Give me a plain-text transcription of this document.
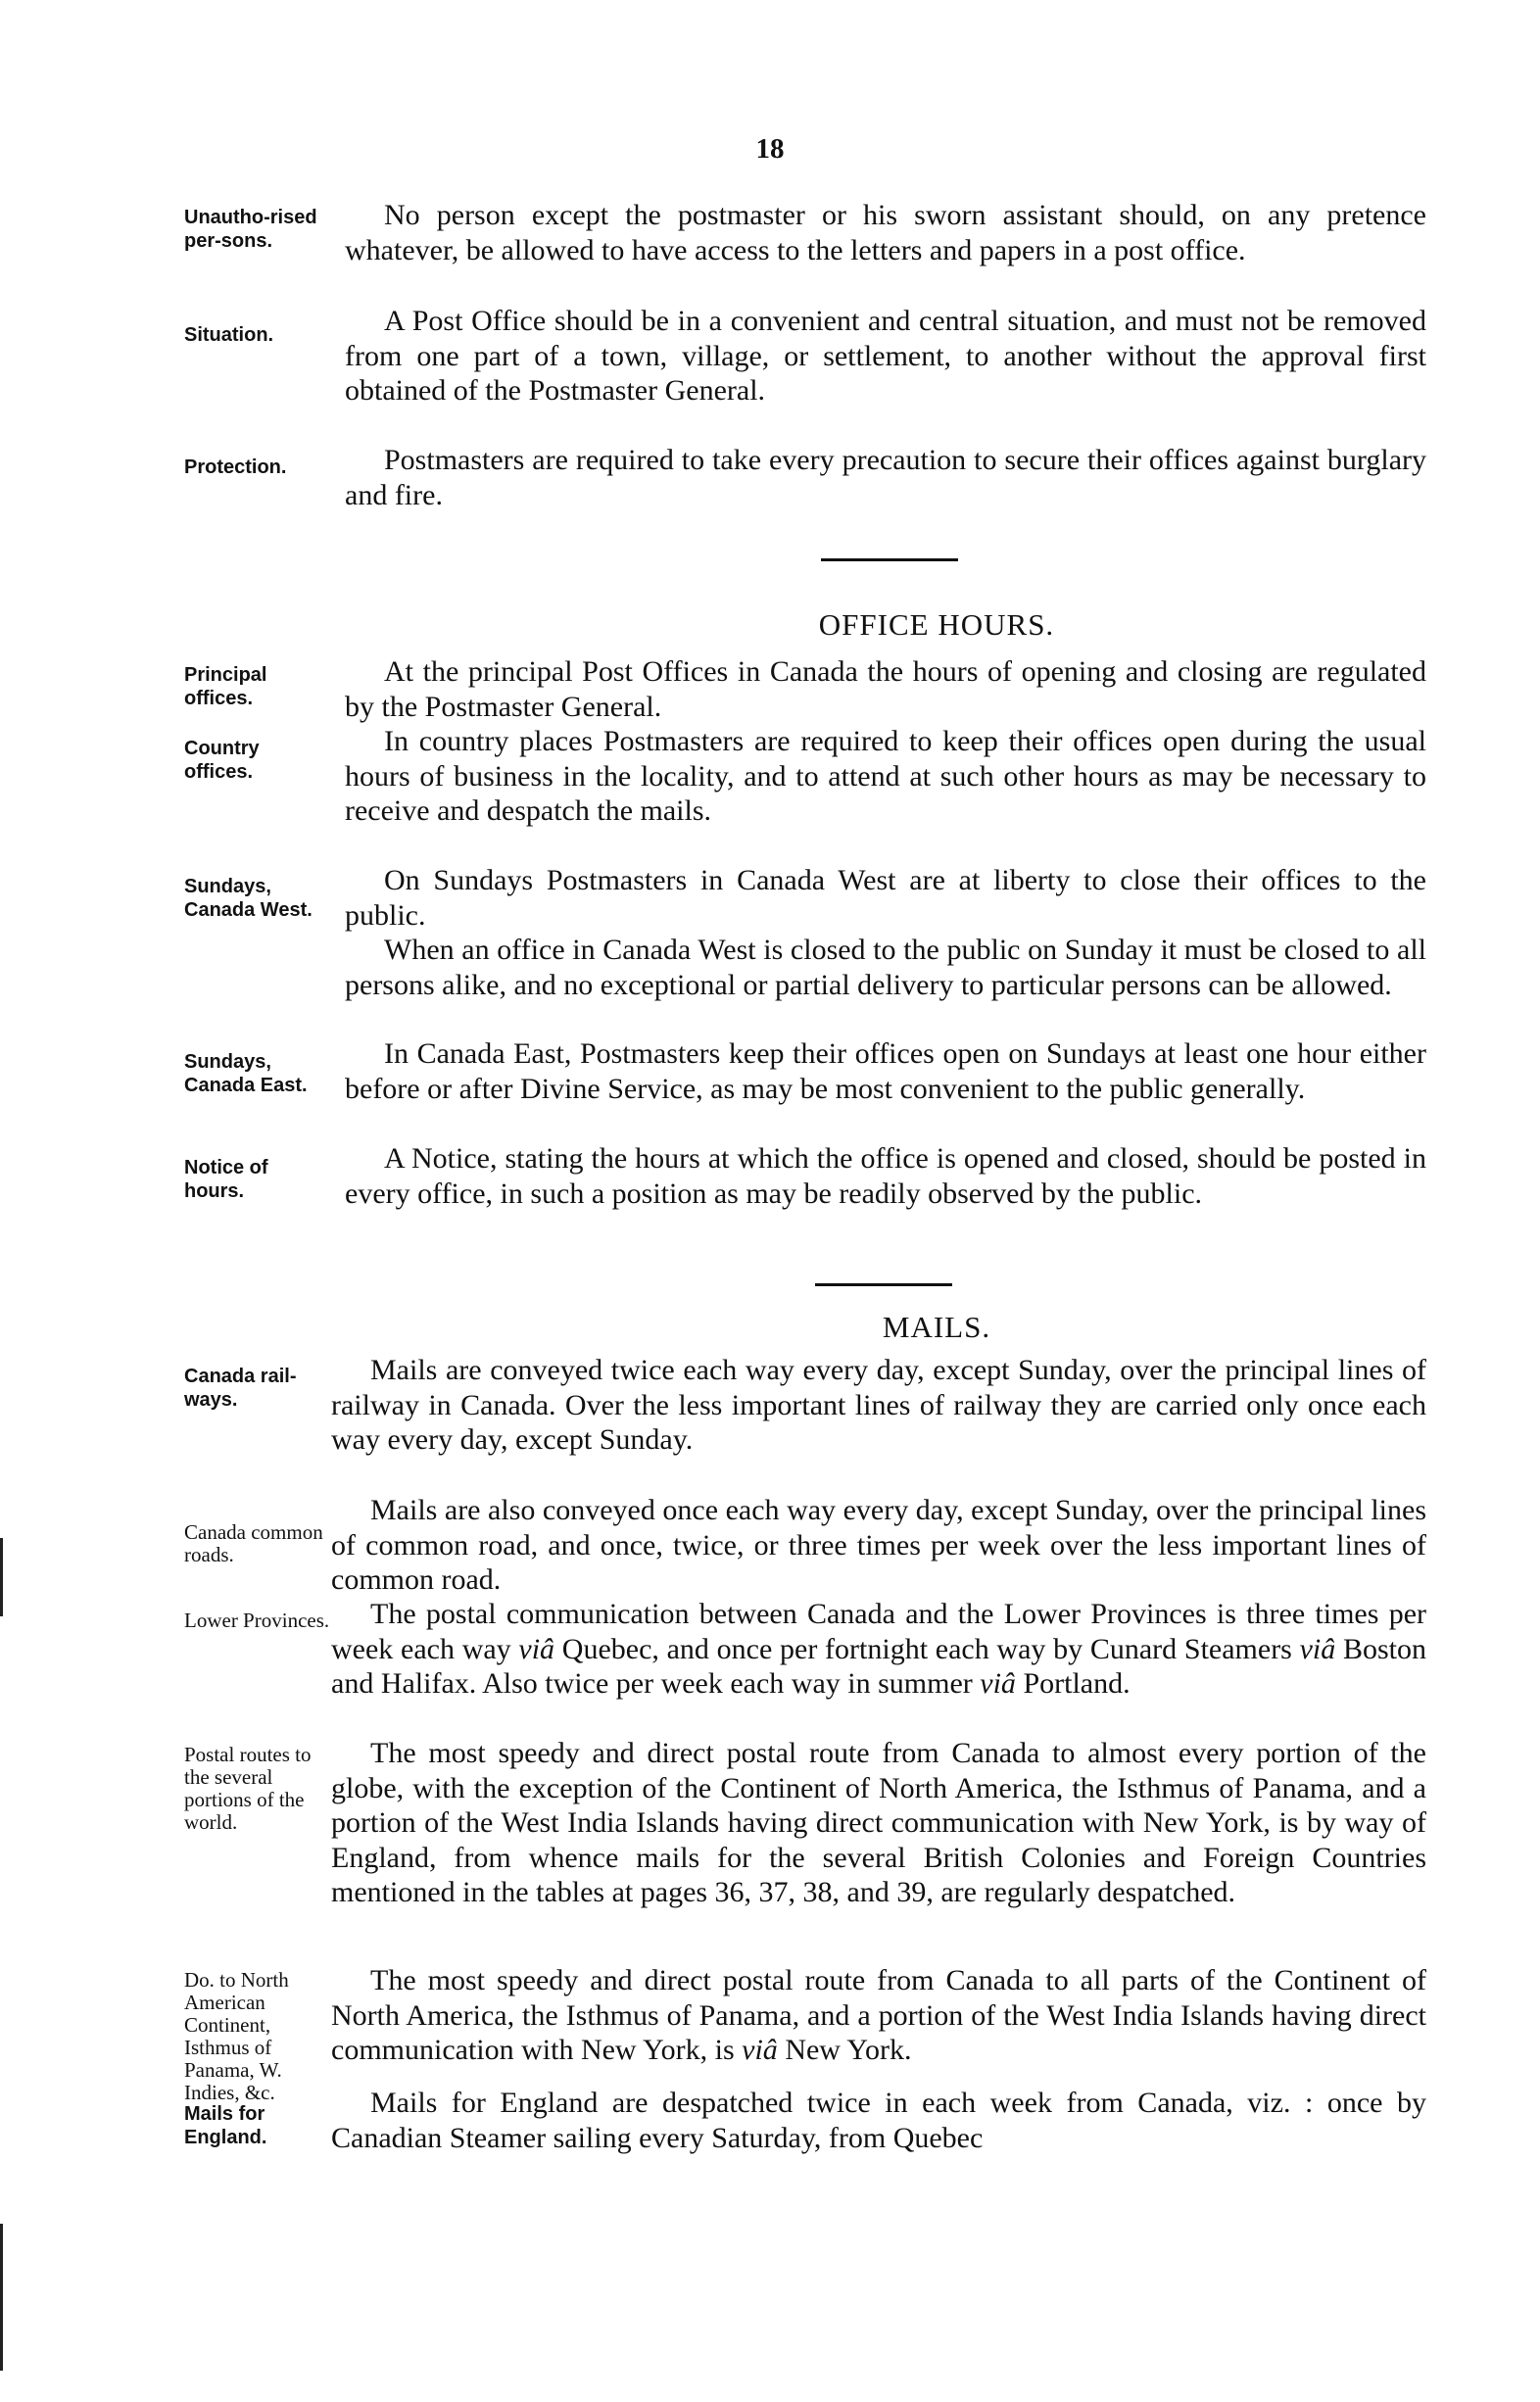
18
Unautho-rised per-sons.
Situation.
Protection.

No person except the postmaster or his sworn assistant should, on any pretence whatever, be allowed to have access to the letters and papers in a post office.

A Post Office should be in a convenient and central situation, and must not be removed from one part of a town, village, or settlement, to another without the approval first obtained of the Postmaster General.

Postmasters are required to take every precaution to secure their offices against burglary and fire.

OFFICE HOURS.
Principal offices.
Country offices.
Sundays, Canada West.
Sundays, Canada East.
Notice of hours.

At the principal Post Offices in Canada the hours of opening and closing are regulated by the Postmaster General.

In country places Postmasters are required to keep their offices open during the usual hours of business in the locality, and to attend at such other hours as may be necessary to receive and despatch the mails.

On Sundays Postmasters in Canada West are at liberty to close their offices to the public.

When an office in Canada West is closed to the public on Sunday it must be closed to all persons alike, and no exceptional or partial delivery to particular persons can be allowed.

In Canada East, Postmasters keep their offices open on Sundays at least one hour either before or after Divine Service, as may be most convenient to the public generally.

A Notice, stating the hours at which the office is opened and closed, should be posted in every office, in such a position as may be readily observed by the public.

MAILS.
Canada rail-ways.
Canada common roads.
Lower Provinces.
Postal routes to the several portions of the world.
Do. to North American Continent, Isthmus of Panama, W. Indies, &c.
Mails for England.

Mails are conveyed twice each way every day, except Sunday, over the principal lines of railway in Canada. Over the less important lines of railway they are carried only once each way every day, except Sunday.

Mails are also conveyed once each way every day, except Sunday, over the principal lines of common road, and once, twice, or three times per week over the less important lines of common road.

The postal communication between Canada and the Lower Provinces is three times per week each way viâ Quebec, and once per fortnight each way by Cunard Steamers viâ Boston and Halifax. Also twice per week each way in summer viâ Portland.

The most speedy and direct postal route from Canada to almost every portion of the globe, with the exception of the Continent of North America, the Isthmus of Panama, and a portion of the West India Islands having direct communication with New York, is by way of England, from whence mails for the several British Colonies and Foreign Countries mentioned in the tables at pages 36, 37, 38, and 39, are regularly despatched.

The most speedy and direct postal route from Canada to all parts of the Continent of North America, the Isthmus of Panama, and a portion of the West India Islands having direct communication with New York, is viâ New York.

Mails for England are despatched twice in each week from Canada, viz. : once by Canadian Steamer sailing every Saturday, from Quebec
